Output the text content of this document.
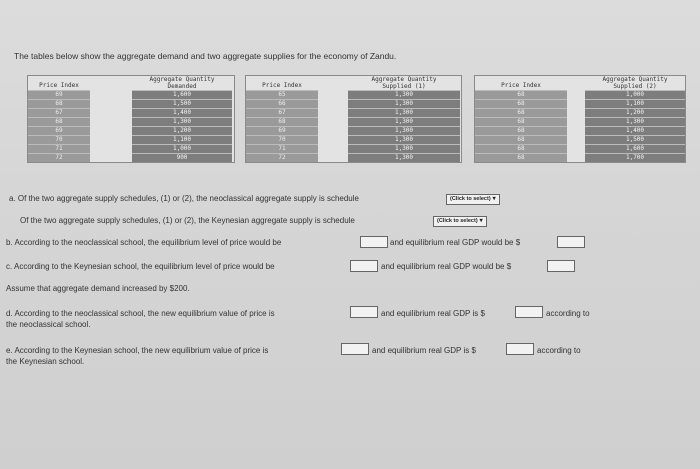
The tables below show the aggregate demand and two aggregate supplies for the economy of Zandu.
Price Index		Aggregate Quantity
Demanded

69		1,600
68		1,500
67		1,400
68		1,300
69		1,200
70		1,100
71		1,000
72		900
Price Index		Aggregate Quantity
Supplied (1)

65		1,300
66		1,300
67		1,300
68		1,300
69		1,300
70		1,300
71		1,300
72		1,300
Price Index		Aggregate Quantity
Supplied (2)

68		1,000
68		1,100
68		1,200
68		1,300
68		1,400
68		1,500
68		1,600
68		1,700
a. Of the two aggregate supply schedules, (1) or (2), the neoclassical aggregate supply is schedule	(Click to select) ▾
Of the two aggregate supply schedules, (1) or (2), the Keynesian aggregate supply is schedule	(Click to select) ▾
b. According to the neoclassical school, the equilibrium level of price would be	and equilibrium real GDP would be $
c. According to the Keynesian school, the equilibrium level of price would be	and equilibrium real GDP would be $
Assume that aggregate demand increased by $200.
d. According to the neoclassical school, the new equilibrium value of price is
the neoclassical school.
and equilibrium real GDP is $	according to
e. According to the Keynesian school, the new equilibrium value of price is
the Keynesian school.
and equilibrium real GDP is $	according to
